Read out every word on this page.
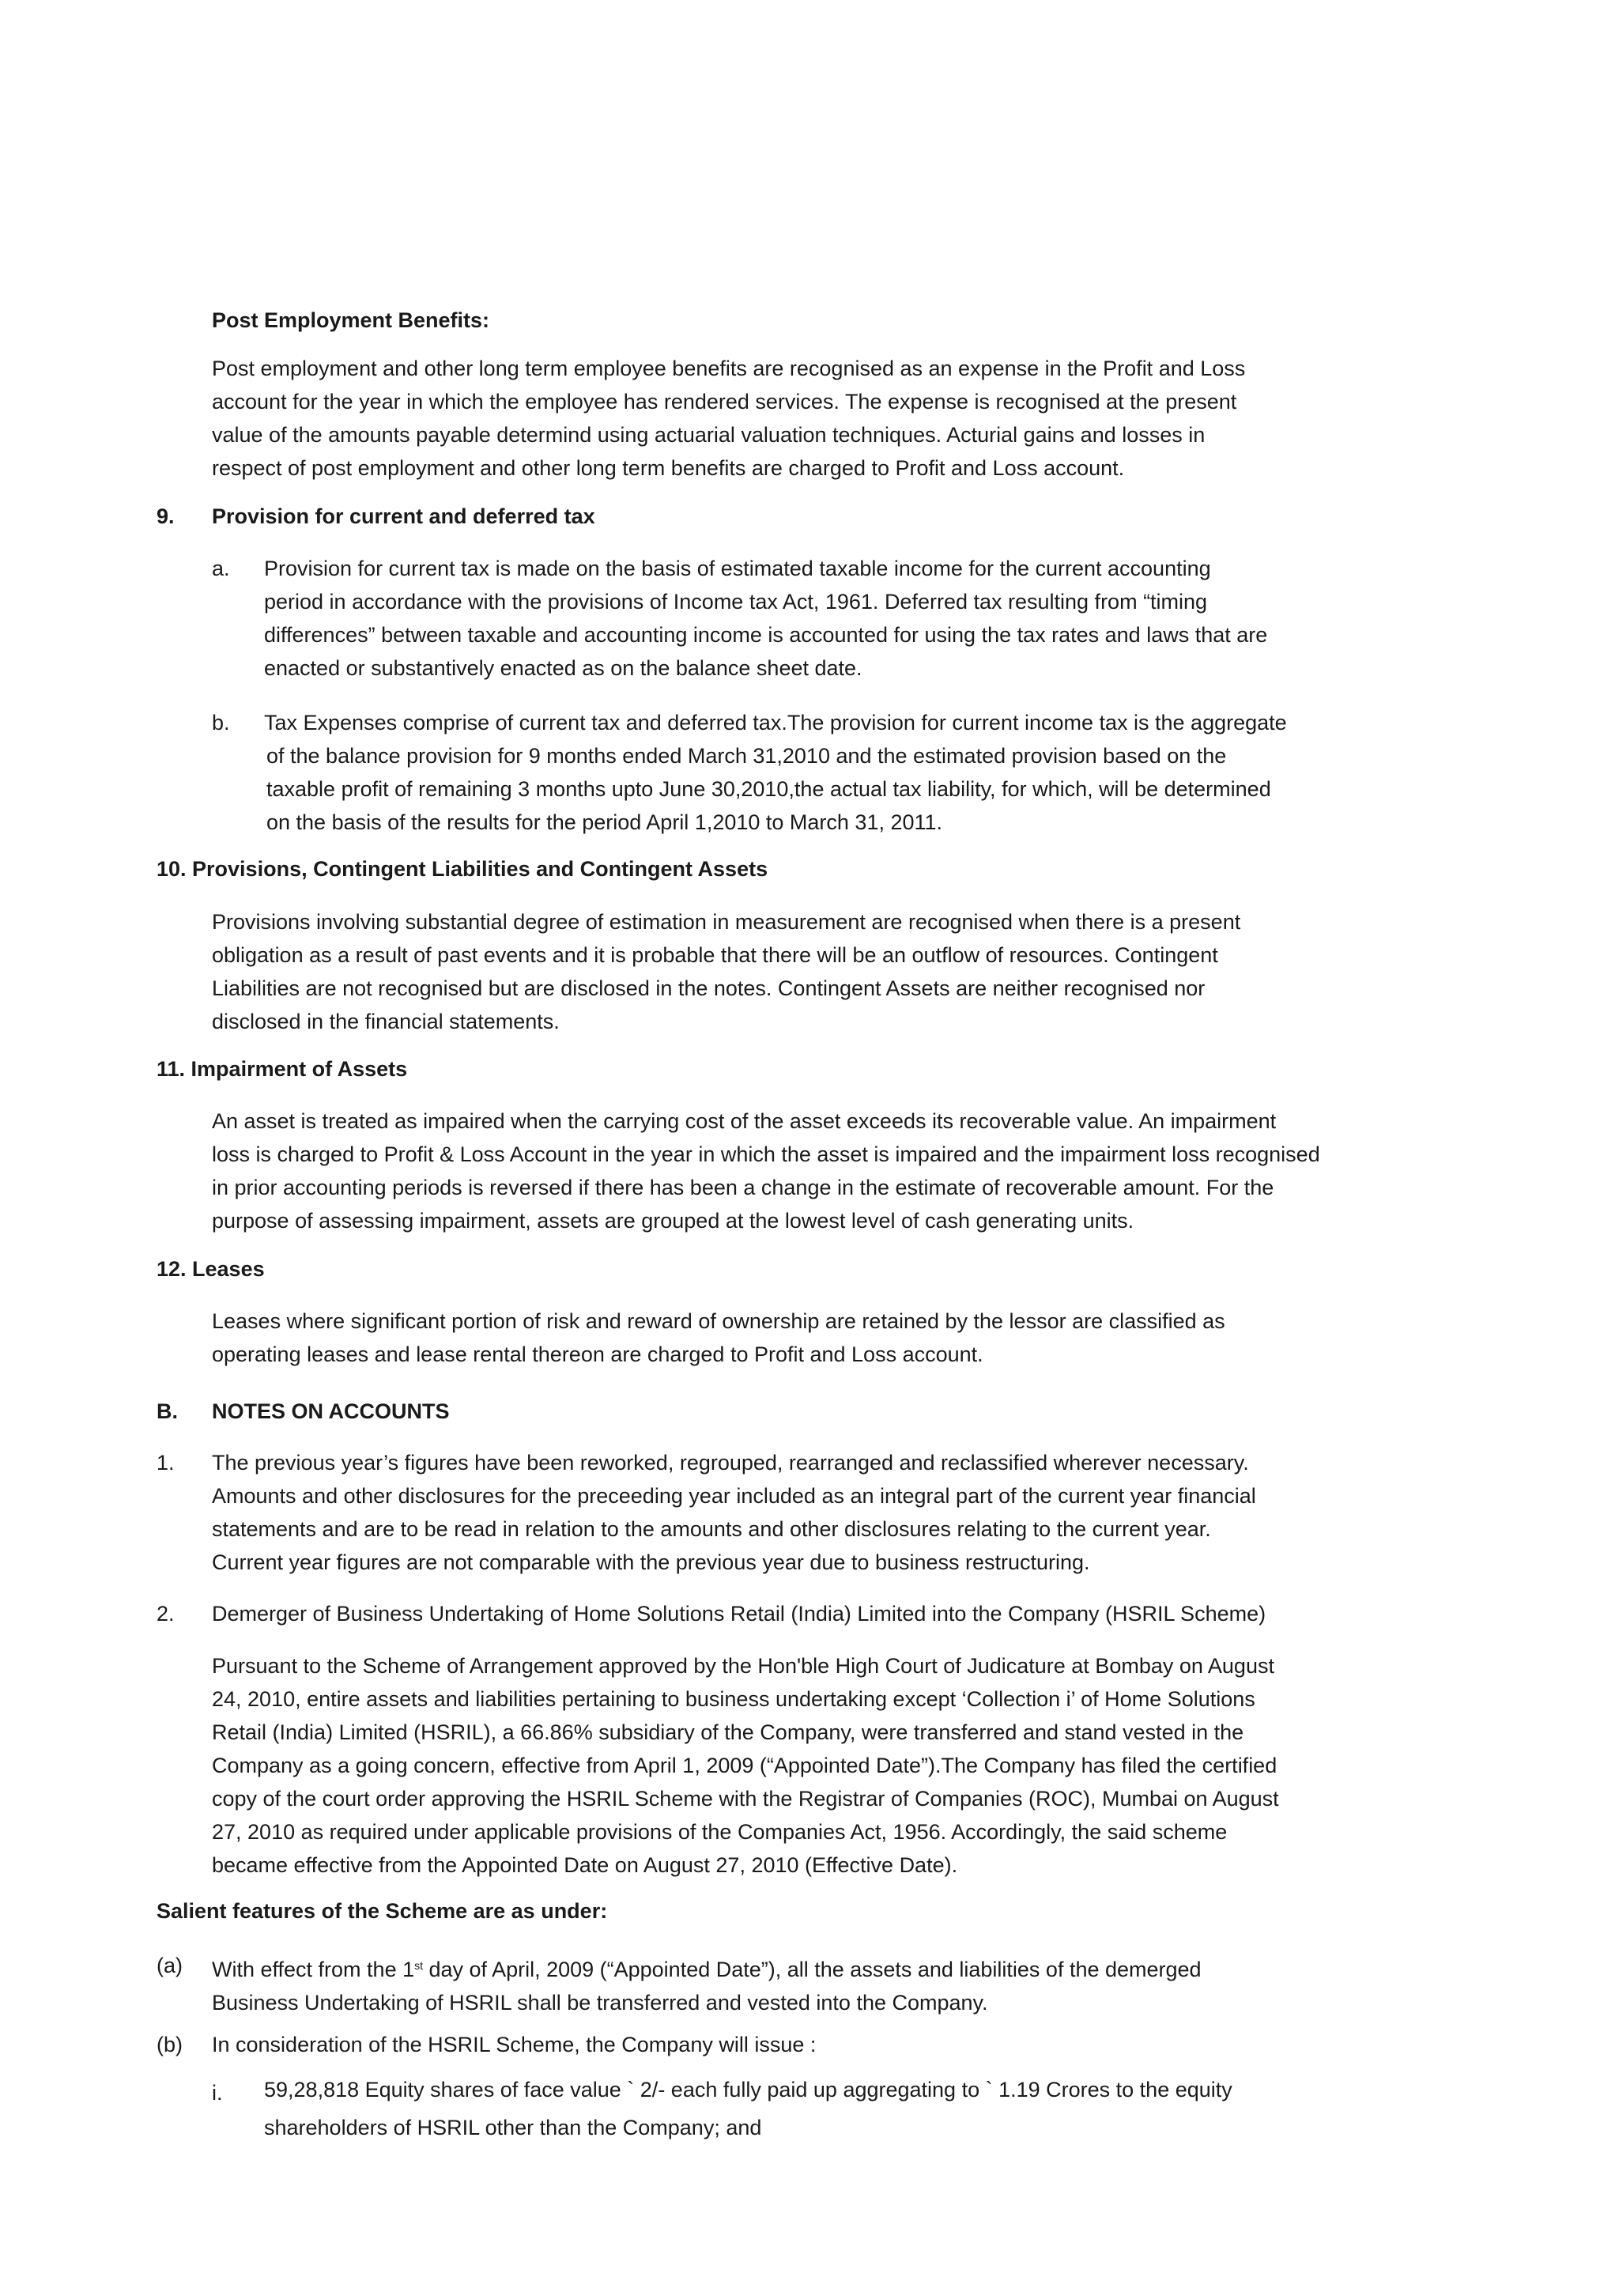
Post Employment Benefits:

Post employment and other long term employee benefits are recognised as an expense in the Profit and Loss

account for the year in which the employee has rendered services. The expense is recognised at the present

value of the amounts payable determind using actuarial valuation techniques. Acturial gains and losses in

respect of post employment and other long term benefits are charged to Profit and Loss account.

9. Provision for current and deferred tax

a. Provision for current tax is made on the basis of estimated taxable income for the current accounting

period in accordance with the provisions of Income tax Act, 1961. Deferred tax resulting from “timing

differences” between taxable and accounting income is accounted for using the tax rates and laws that are

enacted or substantively enacted as on the balance sheet date.

b. Tax Expenses comprise of current tax and deferred tax.The provision for current income tax is the aggregate

of the balance provision for 9 months ended March 31,2010 and the estimated provision based on the

taxable profit of remaining 3 months upto June 30,2010,the actual tax liability, for which, will be determined

on the basis of the results for the period April 1,2010 to March 31, 2011.

10. Provisions, Contingent Liabilities and Contingent Assets

Provisions involving substantial degree of estimation in measurement are recognised when there is a present

obligation as a result of past events and it is probable that there will be an outflow of resources. Contingent

Liabilities are not recognised but are disclosed in the notes. Contingent Assets are neither recognised nor

disclosed in the financial statements.

11. Impairment of Assets

An asset is treated as impaired when the carrying cost of the asset exceeds its recoverable value. An impairment

loss is charged to Profit & Loss Account in the year in which the asset is impaired and the impairment loss recognised

in prior accounting periods is reversed if there has been a change in the estimate of recoverable amount. For the

purpose of assessing impairment, assets are grouped at the lowest level of cash generating units.

12. Leases

Leases where significant portion of risk and reward of ownership are retained by the lessor are classified as

operating leases and lease rental thereon are charged to Profit and Loss account.

B. NOTES ON ACCOUNTS

1. The previous year’s figures have been reworked, regrouped, rearranged and reclassified wherever necessary.

Amounts and other disclosures for the preceeding year included as an integral part of the current year financial

statements and are to be read in relation to the amounts and other disclosures relating to the current year.

Current year figures are not comparable with the previous year due to business restructuring.

2. Demerger of Business Undertaking of Home Solutions Retail (India) Limited into the Company (HSRIL Scheme)

Pursuant to the Scheme of Arrangement approved by the Hon'ble High Court of Judicature at Bombay on August

24, 2010, entire assets and liabilities pertaining to business undertaking except ‘Collection i’ of Home Solutions

Retail (India) Limited (HSRIL), a 66.86% subsidiary of the Company, were transferred and stand vested in the

Company as a going concern, effective from April 1, 2009 (“Appointed Date”).The Company has filed the certified

copy of the court order approving the HSRIL Scheme with the Registrar of Companies (ROC), Mumbai on August

27, 2010 as required under applicable provisions of the Companies Act, 1956. Accordingly, the said scheme

became effective from the Appointed Date on August 27, 2010 (Effective Date).

Salient features of the Scheme are as under:

(a) With effect from the 1st day of April, 2009 (“Appointed Date”), all the assets and liabilities of the demerged

Business Undertaking of HSRIL shall be transferred and vested into the Company.

(b) In consideration of the HSRIL Scheme, the Company will issue :

i. 59,28,818 Equity shares of face value ` 2/- each fully paid up aggregating to ` 1.19 Crores to the equity

shareholders of HSRIL other than the Company; and
